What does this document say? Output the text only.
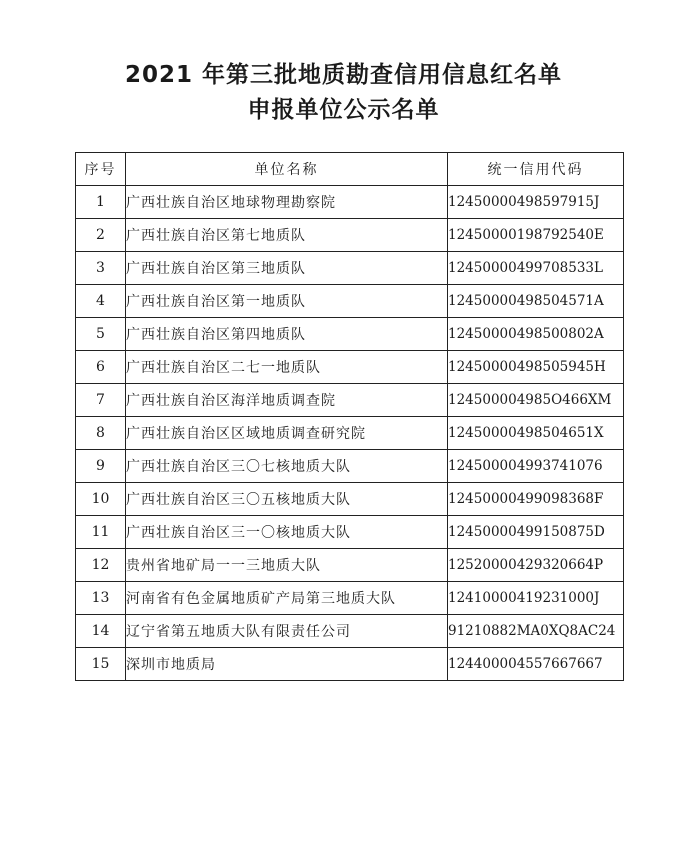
2021 年第三批地质勘查信用信息红名单
申报单位公示名单
序号	单位名称	统一信用代码
1	广西壮族自治区地球物理勘察院	12450000498597915J
2	广西壮族自治区第七地质队	12450000198792540E
3	广西壮族自治区第三地质队	12450000499708533L
4	广西壮族自治区第一地质队	12450000498504571A
5	广西壮族自治区第四地质队	12450000498500802A
6	广西壮族自治区二七一地质队	12450000498505945H
7	广西壮族自治区海洋地质调查院	124500004985O466XM
8	广西壮族自治区区域地质调查研究院	12450000498504651X
9	广西壮族自治区三〇七核地质大队	124500004993741076
10	广西壮族自治区三〇五核地质大队	12450000499098368F
11	广西壮族自治区三一〇核地质大队	12450000499150875D
12	贵州省地矿局一一三地质大队	12520000429320664P
13	河南省有色金属地质矿产局第三地质大队	12410000419231000J
14	辽宁省第五地质大队有限责任公司	91210882MA0XQ8AC24
15	深圳市地质局	124400004557667667
